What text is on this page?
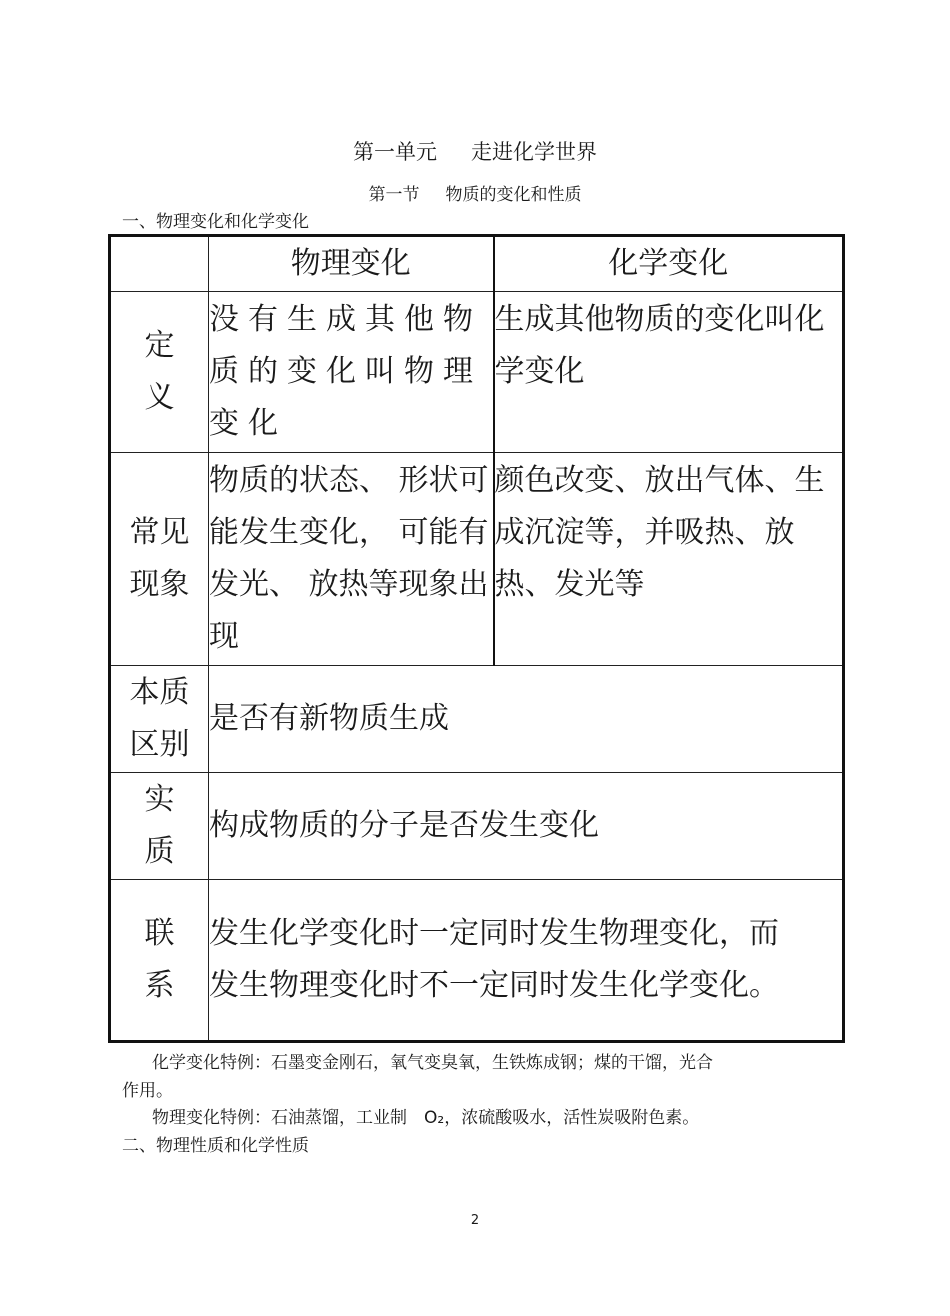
第一单元 走进化学世界
第一节 物质的变化和性质
一、物理变化和化学变化
	物理变化	化学变化

定义	没有生成其他物质的变化叫物理变化	生成其他物质的变化叫化学变化

常见现象	物质的状态、 形状可能发生变化， 可能有发光、 放热等现象出现	颜色改变、放出气体、生成沉淀等，并吸热、放热、发光等

本质区别	是否有新物质生成	

实质	构成物质的分子是否发生变化	

联系	发生化学变化时一定同时发生物理变化，而发生物理变化时不一定同时发生化学变化。	
化学变化特例：石墨变金刚石，氧气变臭氧，生铁炼成钢；煤的干馏，光合
作用。
物理变化特例：石油蒸馏，工业制　O₂，浓硫酸吸水，活性炭吸附色素。
二、物理性质和化学性质
2
